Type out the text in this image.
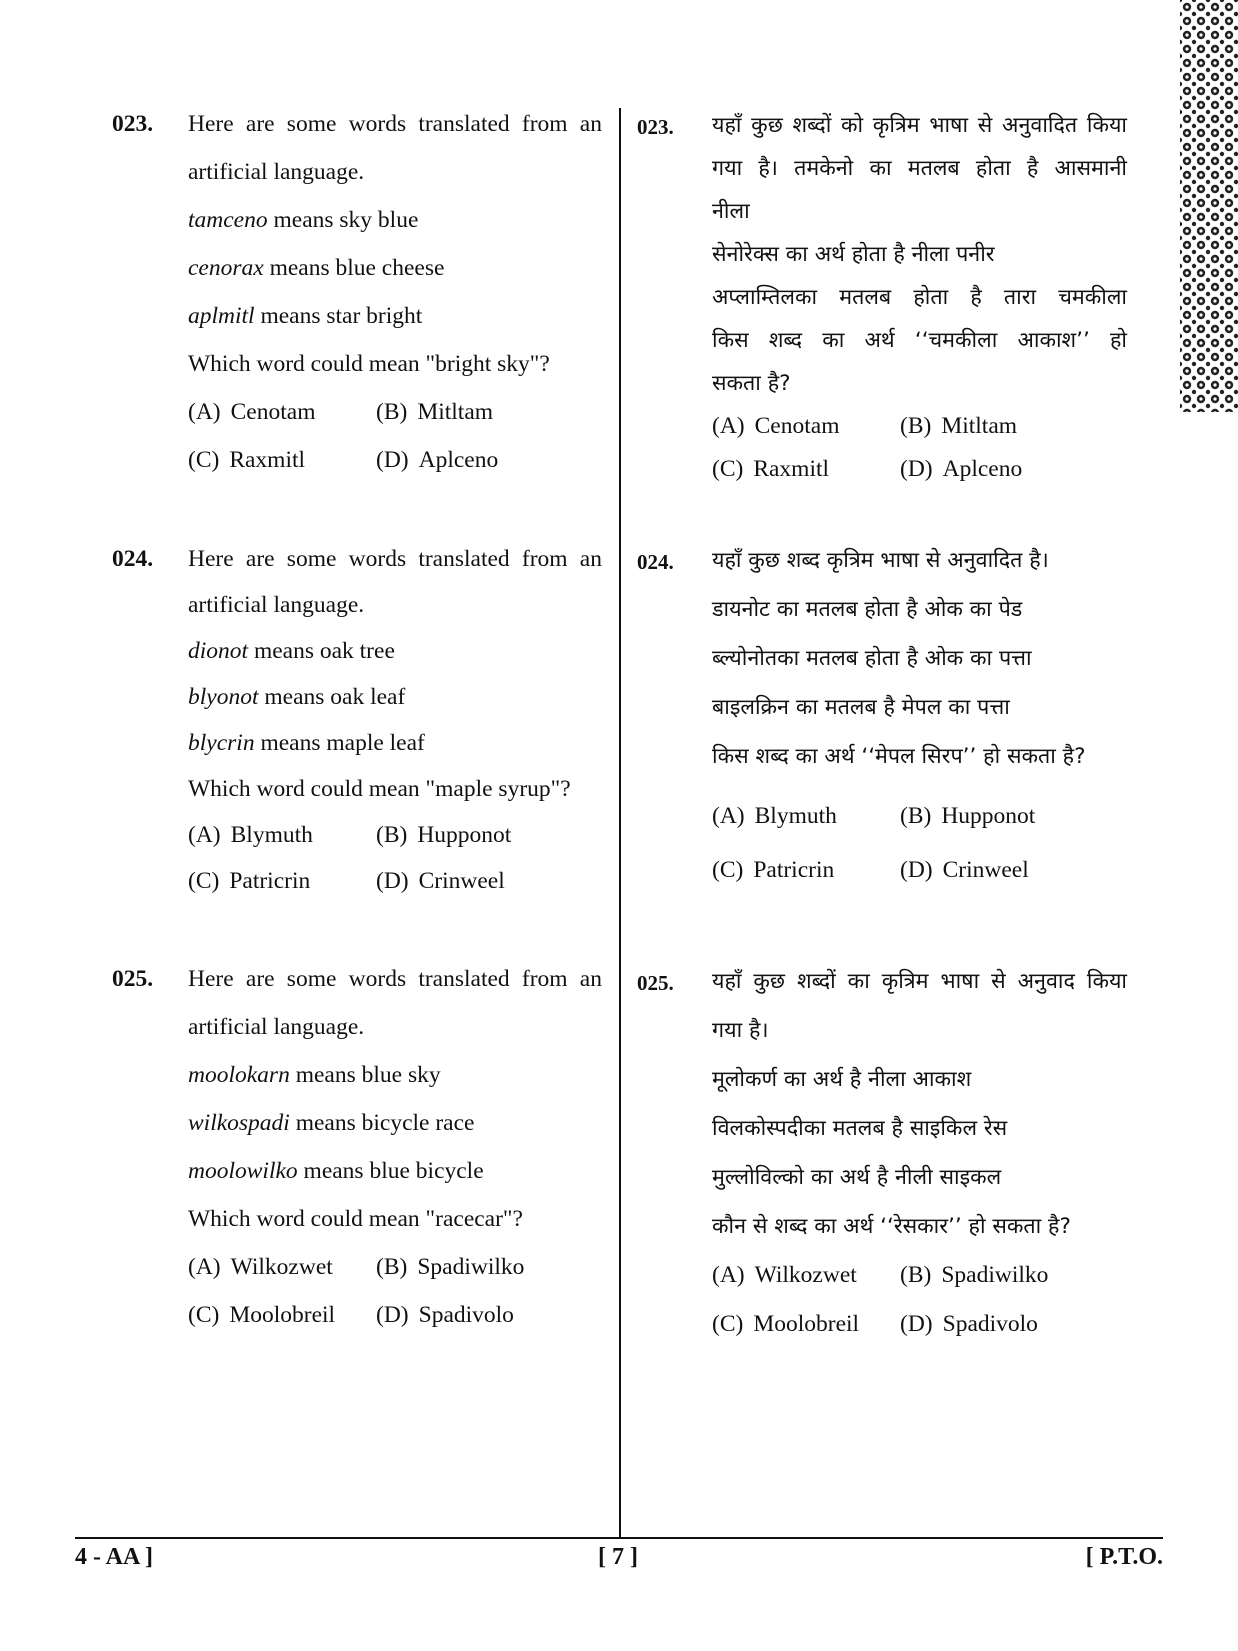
023. Here are some words translated from an
artificial language.
tamceno means sky blue
cenorax means blue cheese
aplmitl means star bright
Which word could mean "bright sky"?
(A) Cenotam	(B) Mitltam
(C) Raxmitl	(D) Aplceno
023. यहाँ कुछ शब्दों को कृत्रिम भाषा से अनुवादित किया
गया है। तमकेनो का मतलब होता है आसमानी
नीला
सेनोरेक्स का अर्थ होता है नीला पनीर
अप्लाम्तिलका मतलब होता है तारा चमकीला
किस शब्द का अर्थ ‘‘चमकीला आकाश’’ हो
सकता है?
(A) Cenotam	(B) Mitltam
(C) Raxmitl	(D) Aplceno
024. Here are some words translated from an
artificial language.
dionot means oak tree
blyonot means oak leaf
blycrin means maple leaf
Which word could mean "maple syrup"?
(A) Blymuth	(B) Hupponot
(C) Patricrin	(D) Crinweel
024. यहाँ कुछ शब्द कृत्रिम भाषा से अनुवादित है।
डायनोट का मतलब होता है ओक का पेड
ब्ल्योनोतका मतलब होता है ओक का पत्ता
बाइलक्रिन का मतलब है मेपल का पत्ता
किस शब्द का अर्थ ‘‘मेपल सिरप’’ हो सकता है?
(A) Blymuth	(B) Hupponot
(C) Patricrin	(D) Crinweel
025. Here are some words translated from an
artificial language.
moolokarn means blue sky
wilkospadi means bicycle race
moolowilko means blue bicycle
Which word could mean "racecar"?
(A) Wilkozwet	(B) Spadiwilko
(C) Moolobreil	(D) Spadivolo
025. यहाँ कुछ शब्दों का कृत्रिम भाषा से अनुवाद किया
गया है।
मूलोकर्ण का अर्थ है नीला आकाश
विलकोस्पदीका मतलब है साइकिल रेस
मुल्लोविल्को का अर्थ है नीली साइकल
कौन से शब्द का अर्थ ‘‘रेसकार’’ हो सकता है?
(A) Wilkozwet	(B) Spadiwilko
(C) Moolobreil	(D) Spadivolo
4 - AA ]	[ 7 ]	[ P.T.O.
